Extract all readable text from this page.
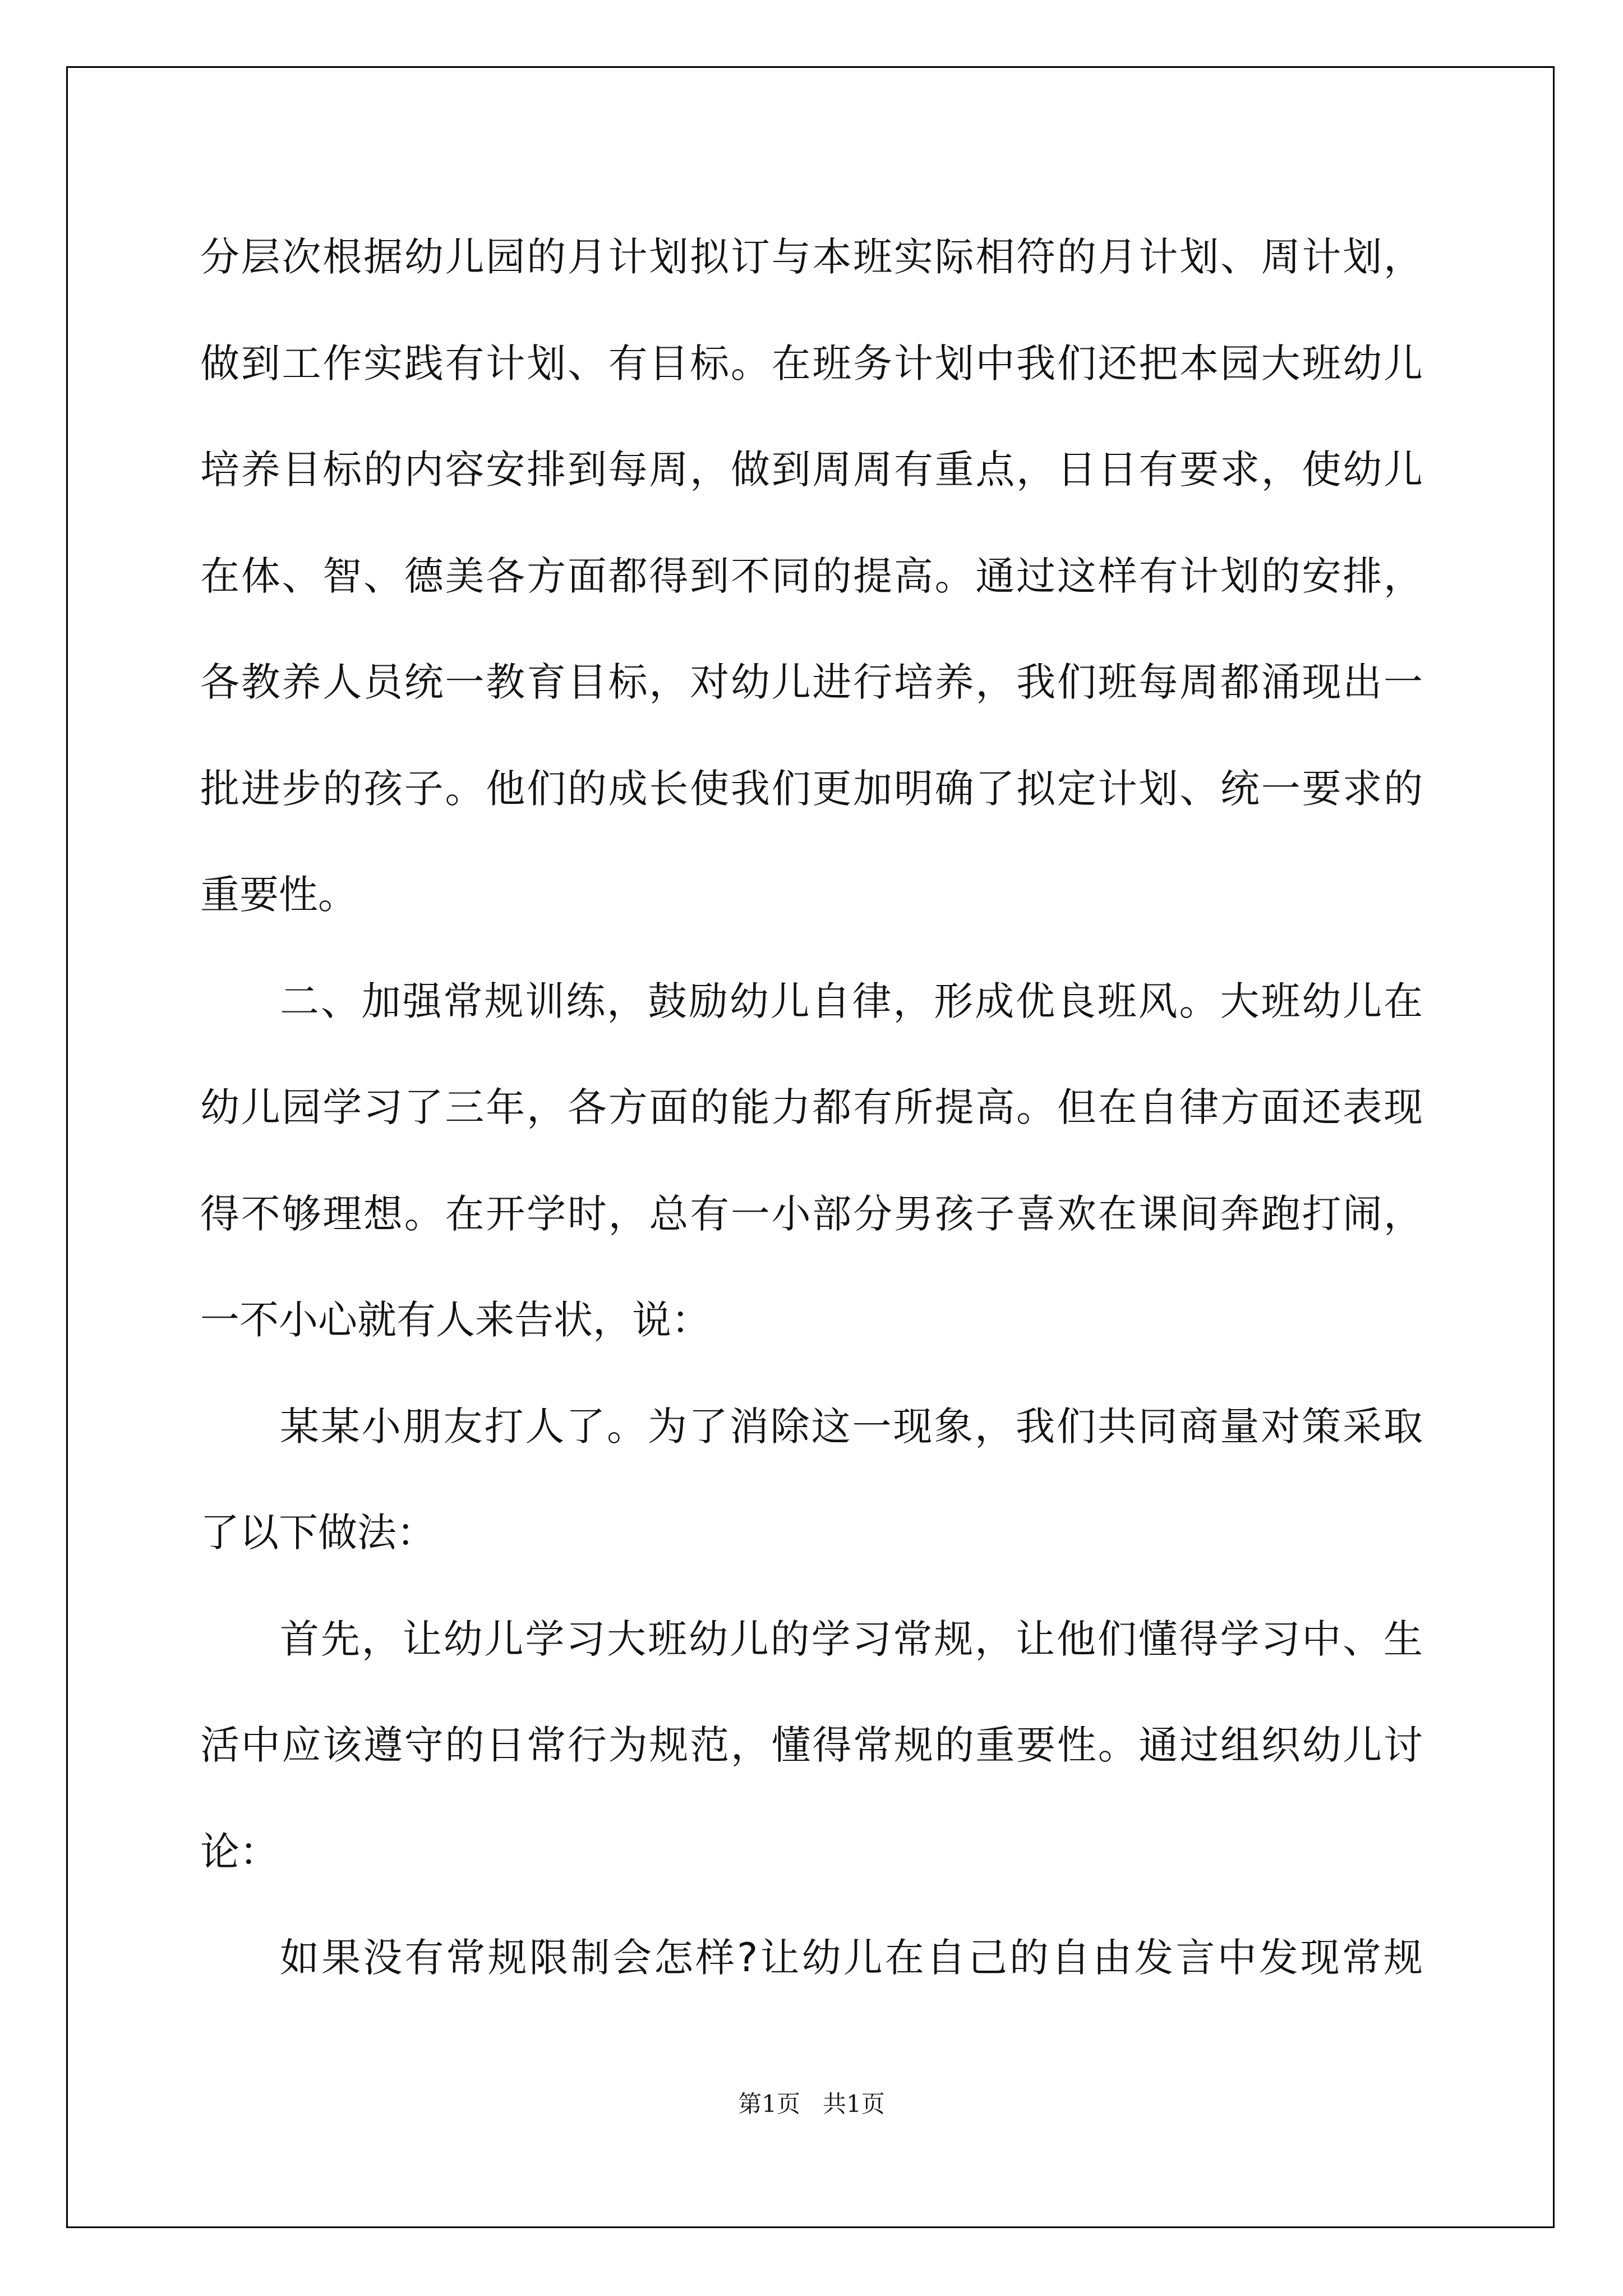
分层次根据幼儿园的月计划拟订与本班实际相符的月计划、周计划，
做到工作实践有计划、有目标。在班务计划中我们还把本园大班幼儿
培养目标的内容安排到每周，做到周周有重点，日日有要求，使幼儿
在体、智、德美各方面都得到不同的提高。通过这样有计划的安排，
各教养人员统一教育目标，对幼儿进行培养，我们班每周都涌现出一
批进步的孩子。他们的成长使我们更加明确了拟定计划、统一要求的
重要性。
二、加强常规训练，鼓励幼儿自律，形成优良班风。大班幼儿在
幼儿园学习了三年，各方面的能力都有所提高。但在自律方面还表现
得不够理想。在开学时，总有一小部分男孩子喜欢在课间奔跑打闹，
一不小心就有人来告状，说：
某某小朋友打人了。为了消除这一现象，我们共同商量对策采取
了以下做法：
首先，让幼儿学习大班幼儿的学习常规，让他们懂得学习中、生
活中应该遵守的日常行为规范，懂得常规的重要性。通过组织幼儿讨
论：
如果没有常规限制会怎样?让幼儿在自己的自由发言中发现常规
第1页   共1页
